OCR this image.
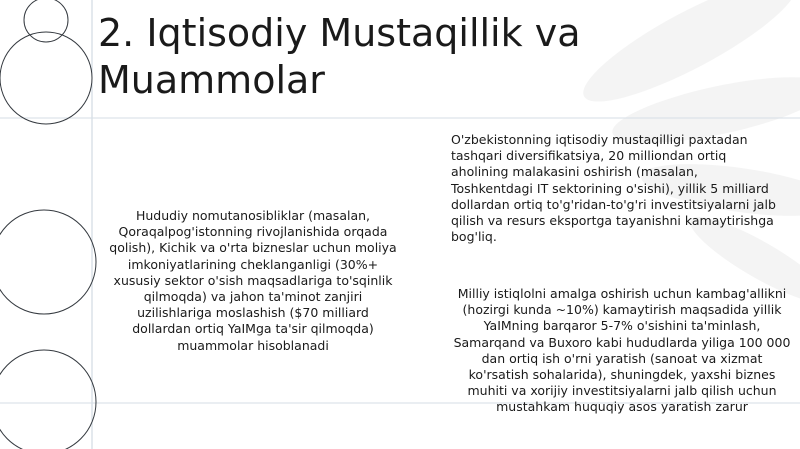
2. Iqtisodiy Mustaqillik va Muammolar

Hududiy nomutanosibliklar (masalan, Qoraqalpog'istonning rivojlanishida orqada qolish), Kichik va o'rta bizneslar uchun moliya imkoniyatlarining cheklanganligi (30%+ xususiy sektor o'sish maqsadlariga to'sqinlik qilmoqda) va jahon ta'minot zanjiri uzilishlariga moslashish ($70 milliard dollardan ortiq YaIMga ta'sir qilmoqda) muammolar hisoblanadi

O'zbekistonning iqtisodiy mustaqilligi paxtadan tashqari diversifikatsiya, 20 milliondan ortiq aholining malakasini oshirish (masalan, Toshkentdagi IT sektorining o'sishi), yillik 5 milliard dollardan ortiq to'g'ridan-to'g'ri investitsiyalarni jalb qilish va resurs eksportga tayanishni kamaytirishga bog'liq.

Milliy istiqlolni amalga oshirish uchun kambag'allikni (hozirgi kunda ~10%) kamaytirish maqsadida yillik YaIMning barqaror 5-7% o'sishini ta'minlash, Samarqand va Buxoro kabi hududlarda yiliga 100 000 dan ortiq ish o'rni yaratish (sanoat va xizmat ko'rsatish sohalarida), shuningdek, yaxshi biznes muhiti va xorijiy investitsiyalarni jalb qilish uchun mustahkam huquqiy asos yaratish zarur
